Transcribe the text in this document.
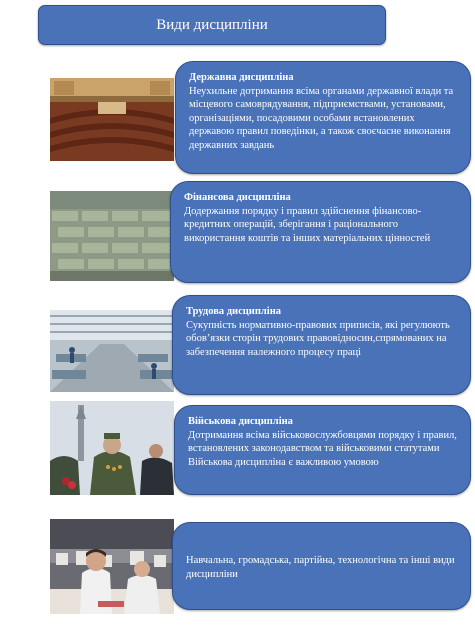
Види дисципліни
Державна дисципліна
Неухильне дотримання всіма органами державної влади та місцевого самоврядування, підприємствами, установами, організаціями, посадовими особами встановлених державою правил поведінки, а також своєчасне виконання державних завдань
Фінансова дисципліна
Додержання порядку і правил здійснення фінансово-кредитних операцій, зберігання і раціонального використання коштів та інших матеріальних цінностей
Трудова дисципліна
Сукупність нормативно-правових приписів, які регулюють обов’язки сторін трудових правовідносин,спрямованих на забезпечення належного процесу праці
Військова дисципліна
Дотримання всіма військовослужбовцями порядку і правил, встановлених законодавством та військовими статутами
Військова дисципліна є важливою умовою
Навчальна, громадська, партійна, технологічна та інші види дисципліни
